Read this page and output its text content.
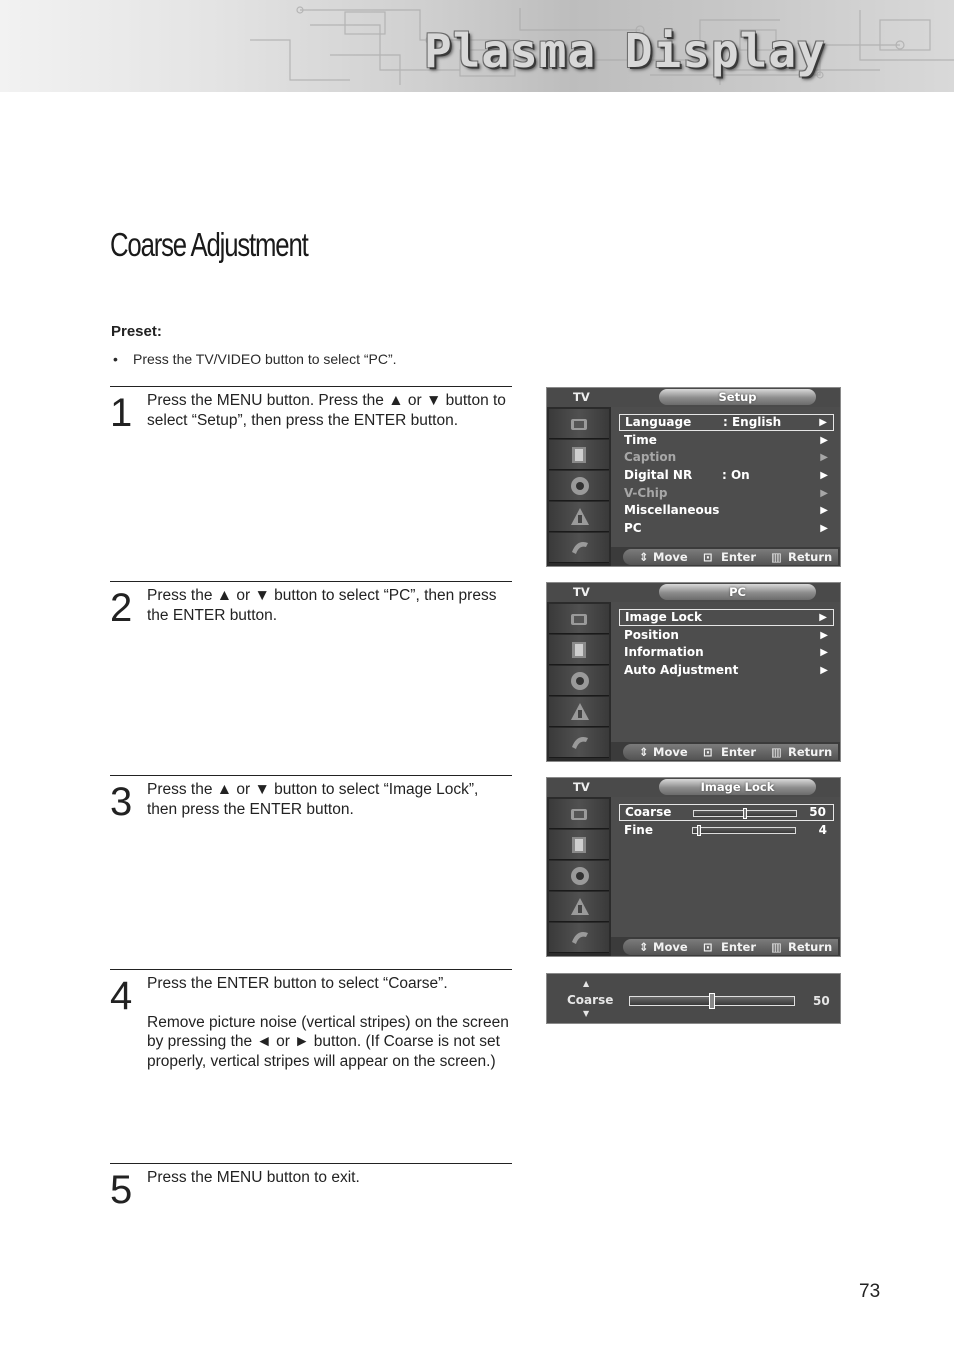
Plasma Display
Coarse Adjustment
Preset:
• Press the TV/VIDEO button to select “PC”.
1 Press the MENU button. Press the ▲ or ▼ button to select “Setup”, then press the ENTER button.

2 Press the ▲ or ▼ button to select “PC”, then press the ENTER button.

3 Press the ▲ or ▼ button to select “Image Lock”, then press the ENTER button.

4 Press the ENTER button to select “Coarse”.

Remove picture noise (vertical stripes) on the screen by pressing the ◄ or ► button. (If Coarse is not set properly, vertical stripes will appear on the screen.)

5 Press the MENU button to exit.

TV	Setup
Language	: English	▶
Time	▶
Caption	▶
Digital NR : On	▶
V-Chip	▶
Miscellaneous	▶
PC	▶
⇕ Move ⊡ Enter ▥ Return
TV	PC
Image Lock	▶
Position	▶
Information	▶
Auto Adjustment	▶
⇕ Move ⊡ Enter ▥ Return
TV	Image Lock
Coarse	50
Fine	4
⇕ Move ⊡ Enter ▥ Return
▲
Coarse
▼
50
73
